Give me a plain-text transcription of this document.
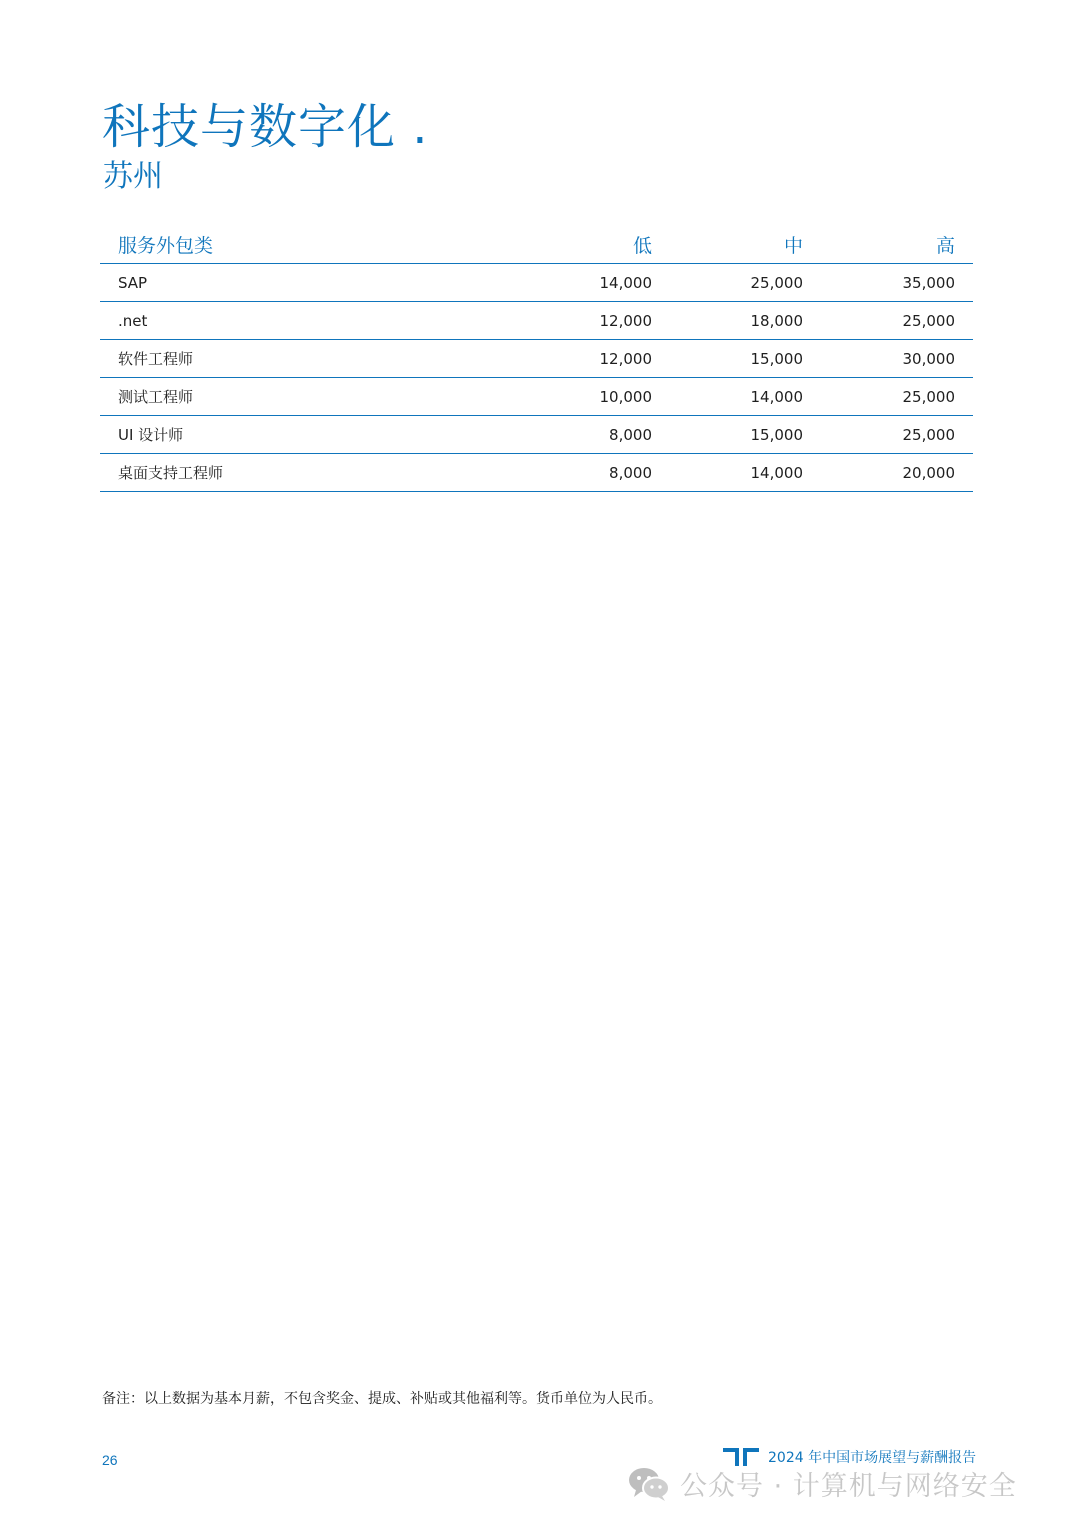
科技与数字化 .
苏州
服务外包类	低	中	高
SAP	14,000	25,000	35,000
.net	12,000	18,000	25,000
软件工程师	12,000	15,000	30,000
测试工程师	10,000	14,000	25,000
UI 设计师	8,000	15,000	25,000
桌面支持工程师	8,000	14,000	20,000
备注：以上数据为基本月薪，不包含奖金、提成、补贴或其他福利等。货币单位为人民币。
26	2024 年中国市场展望与薪酬报告
公众号 · 计算机与网络安全
